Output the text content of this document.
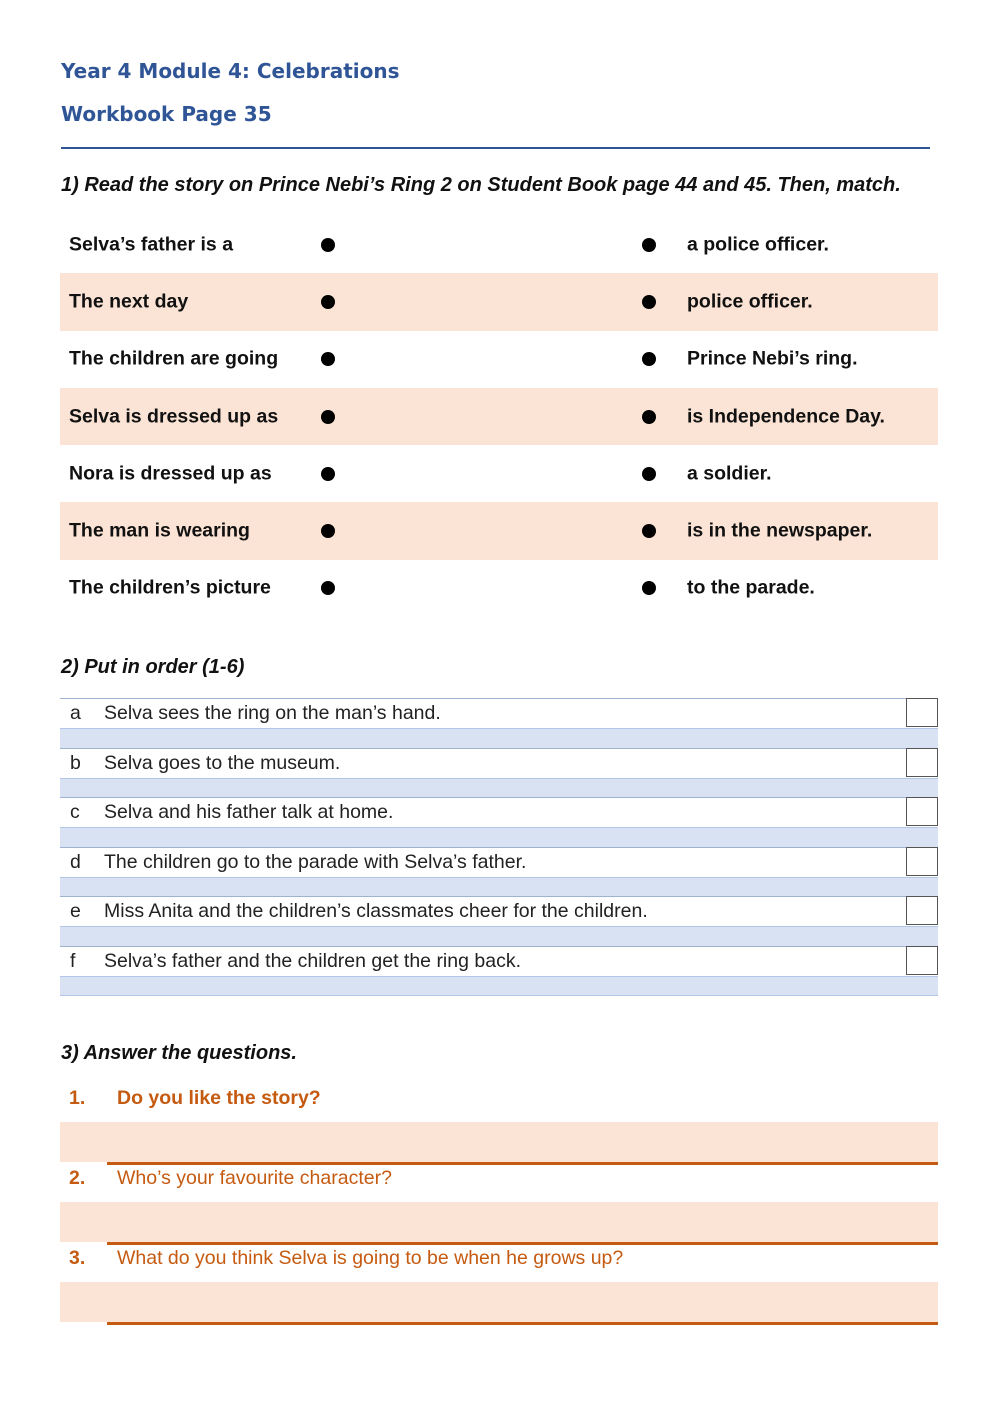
Year 4 Module 4: Celebrations
Workbook Page 35
1) Read the story on Prince Nebi’s Ring 2 on Student Book page 44 and 45. Then, match.
Selva’s father is a	a police officer.
The next day	police officer.
The children are going	Prince Nebi’s ring.
Selva is dressed up as	is Independence Day.
Nora is dressed up as	a soldier.
The man is wearing	is in the newspaper.
The children’s picture	to the parade.
2) Put in order (1-6)
a Selva sees the ring on the man’s hand.
b Selva goes to the museum.
c Selva and his father talk at home.
d The children go to the parade with Selva’s father.
e Miss Anita and the children’s classmates cheer for the children.
f Selva’s father and the children get the ring back.
3) Answer the questions.
1. Do you like the story?
2. Who’s your favourite character?
3. What do you think Selva is going to be when he grows up?
